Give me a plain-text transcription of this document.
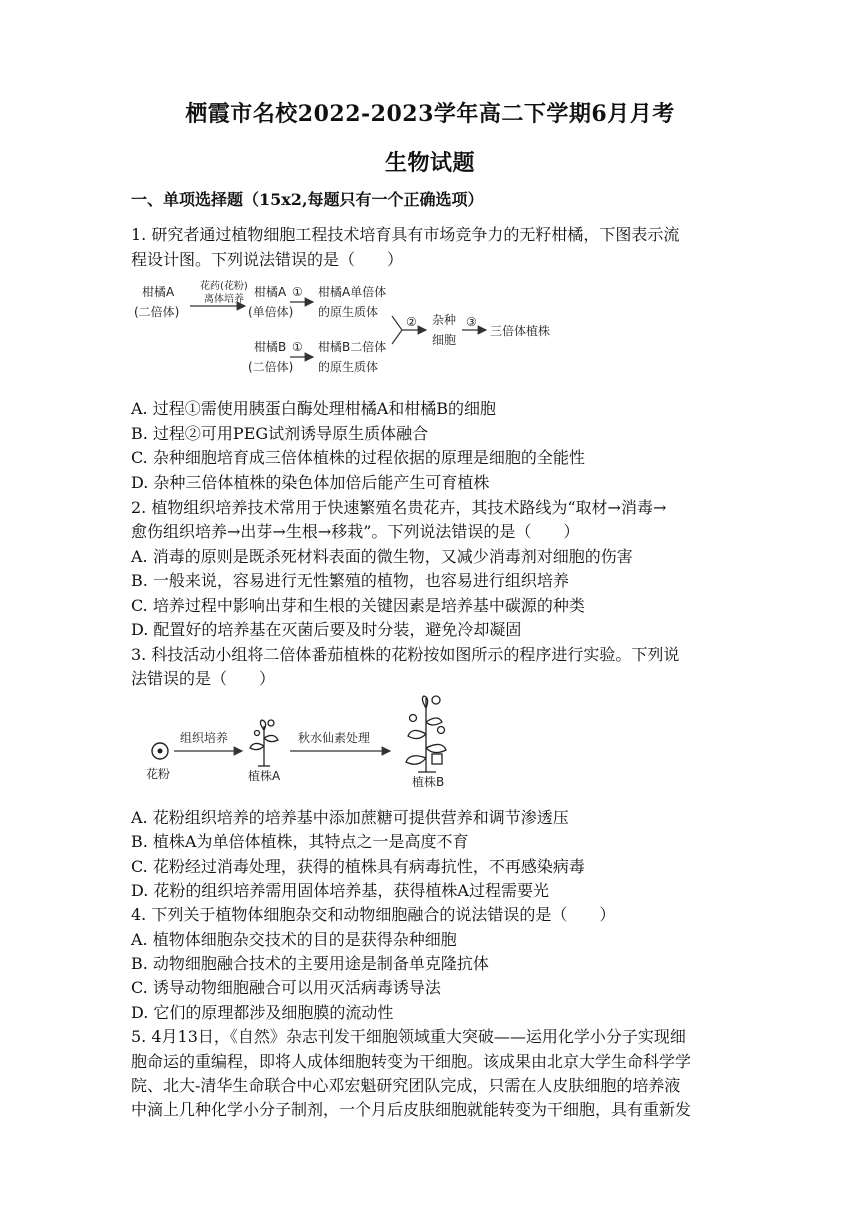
栖霞市名校2022-2023学年高二下学期6月月考
生物试题
一、单项选择题（15x2,每题只有一个正确选项）
1. 研究者通过植物细胞工程技术培育具有市场竞争力的无籽柑橘，下图表示流
程设计图。下列说法错误的是（　　）
柑橘A
(二倍体)
花药(花粉)
离体培养
柑橘A
(单倍体)
① 柑橘A单倍体
的原生质体
柑橘B
(二倍体)
① 柑橘B二倍体
的原生质体
② 杂种
细胞
③
三倍体植株
A. 过程①需使用胰蛋白酶处理柑橘A和柑橘B的细胞
B. 过程②可用PEG试剂诱导原生质体融合
C. 杂种细胞培育成三倍体植株的过程依据的原理是细胞的全能性
D. 杂种三倍体植株的染色体加倍后能产生可育植株
2. 植物组织培养技术常用于快速繁殖名贵花卉，其技术路线为“取材→消毒→
愈伤组织培养→出芽→生根→移栽”。下列说法错误的是（　　）
A. 消毒的原则是既杀死材料表面的微生物，又减少消毒剂对细胞的伤害
B. 一般来说，容易进行无性繁殖的植物，也容易进行组织培养
C. 培养过程中影响出芽和生根的关键因素是培养基中碳源的种类
D. 配置好的培养基在灭菌后要及时分装，避免冷却凝固
3. 科技活动小组将二倍体番茄植株的花粉按如图所示的程序进行实验。下列说
法错误的是（　　）
花粉
组织培养
植株A
秋水仙素处理
植株B
A. 花粉组织培养的培养基中添加蔗糖可提供营养和调节渗透压
B. 植株A为单倍体植株，其特点之一是高度不育
C. 花粉经过消毒处理，获得的植株具有病毒抗性，不再感染病毒
D. 花粉的组织培养需用固体培养基，获得植株A过程需要光
4. 下列关于植物体细胞杂交和动物细胞融合的说法错误的是（　　）
A. 植物体细胞杂交技术的目的是获得杂种细胞
B. 动物细胞融合技术的主要用途是制备单克隆抗体
C. 诱导动物细胞融合可以用灭活病毒诱导法
D. 它们的原理都涉及细胞膜的流动性
5. 4月13日，《自然》杂志刊发干细胞领域重大突破——运用化学小分子实现细
胞命运的重编程，即将人成体细胞转变为干细胞。该成果由北京大学生命科学学
院、北大-清华生命联合中心邓宏魁研究团队完成，只需在人皮肤细胞的培养液
中滴上几种化学小分子制剂，一个月后皮肤细胞就能转变为干细胞，具有重新发
